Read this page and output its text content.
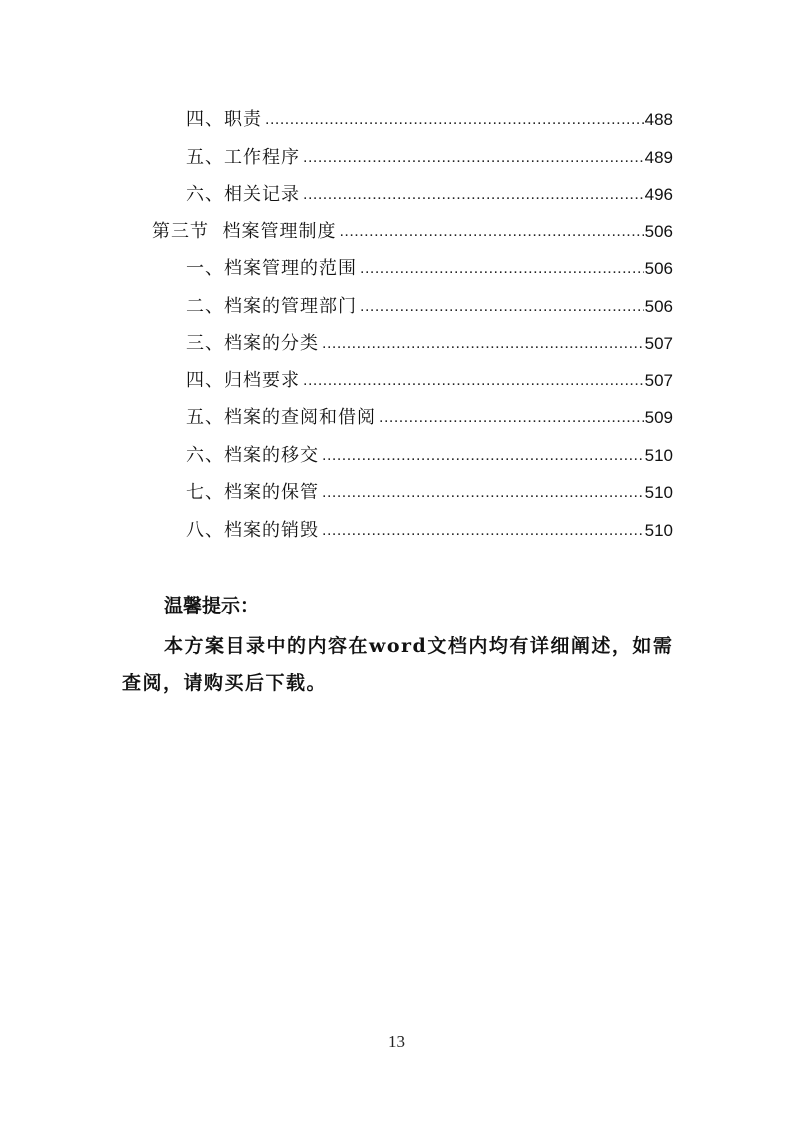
四、职责 .....	488
五、工作程序 .....	489
六、相关记录 .....	496
第三节  档案管理制度 .....	506
一、档案管理的范围 .....	506
二、档案的管理部门 .....	506
三、档案的分类 .....	507
四、归档要求 .....	507
五、档案的查阅和借阅 .....	509
六、档案的移交 .....	510
七、档案的保管 .....	510
八、档案的销毁 .....	510
温馨提示：

本方案目录中的内容在word文档内均有详细阐述，如需查阅，请购买后下载。

13
